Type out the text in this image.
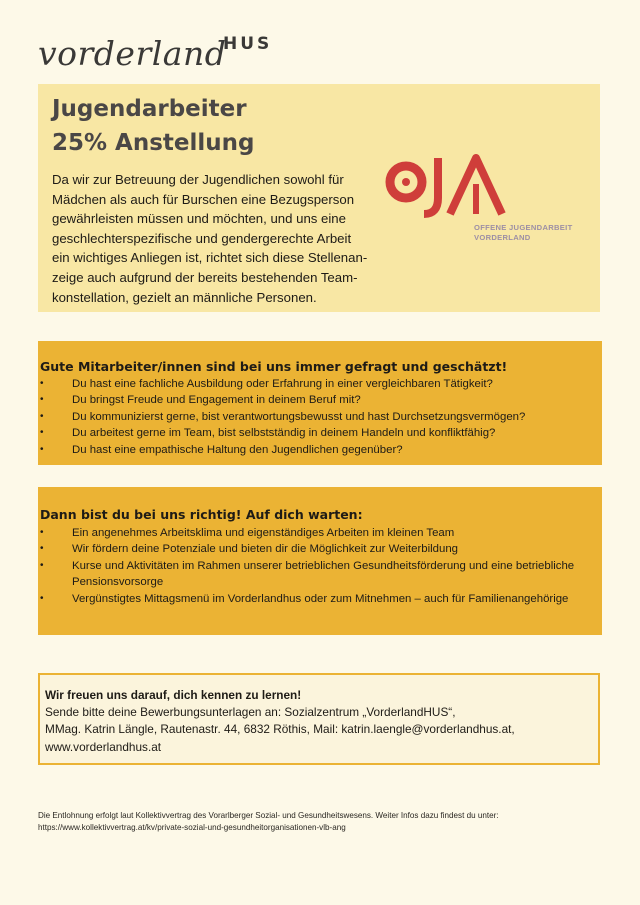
vorderland
HUS
Jugendarbeiter
25% Anstellung

Da wir zur Betreuung der Jugendlichen sowohl für
Mädchen als auch für Burschen eine Bezugsperson
gewährleisten müssen und möchten, und uns eine
geschlechterspezifische und gendergerechte Arbeit
ein wichtiges Anliegen ist, richtet sich diese Stellenan-
zeige auch aufgrund der bereits bestehenden Team-
konstellation, gezielt an männliche Personen.

OFFENE JUGENDARBEIT
VORDERLAND
Gute Mitarbeiter/innen sind bei uns immer gefragt und geschätzt!
• Du hast eine fachliche Ausbildung oder Erfahrung in einer vergleichbaren Tätigkeit?
• Du bringst Freude und Engagement in deinem Beruf mit?
• Du kommunizierst gerne, bist verantwortungsbewusst und hast Durchsetzungsvermögen?
• Du arbeitest gerne im Team, bist selbstständig in deinem Handeln und konfliktfähig?
• Du hast eine empathische Haltung den Jugendlichen gegenüber?
Dann bist du bei uns richtig! Auf dich warten:
• Ein angenehmes Arbeitsklima und eigenständiges Arbeiten im kleinen Team
• Wir fördern deine Potenziale und bieten dir die Möglichkeit zur Weiterbildung
• Kurse und Aktivitäten im Rahmen unserer betrieblichen Gesundheitsförderung und eine betriebliche Pensionsvorsorge
• Vergünstigtes Mittagsmenü im Vorderlandhus oder zum Mitnehmen – auch für Familienangehörige
Wir freuen uns darauf, dich kennen zu lernen!
Sende bitte deine Bewerbungsunterlagen an: Sozialzentrum „VorderlandHUS“,
MMag. Katrin Längle, Rautenastr. 44, 6832 Röthis, Mail: katrin.laengle@vorderlandhus.at,
www.vorderlandhus.at
Die Entlohnung erfolgt laut Kollektivvertrag des Vorarlberger Sozial- und Gesundheitswesens. Weiter Infos dazu findest du unter:
https://www.kollektivvertrag.at/kv/private-sozial-und-gesundheitorganisationen-vlb-ang
